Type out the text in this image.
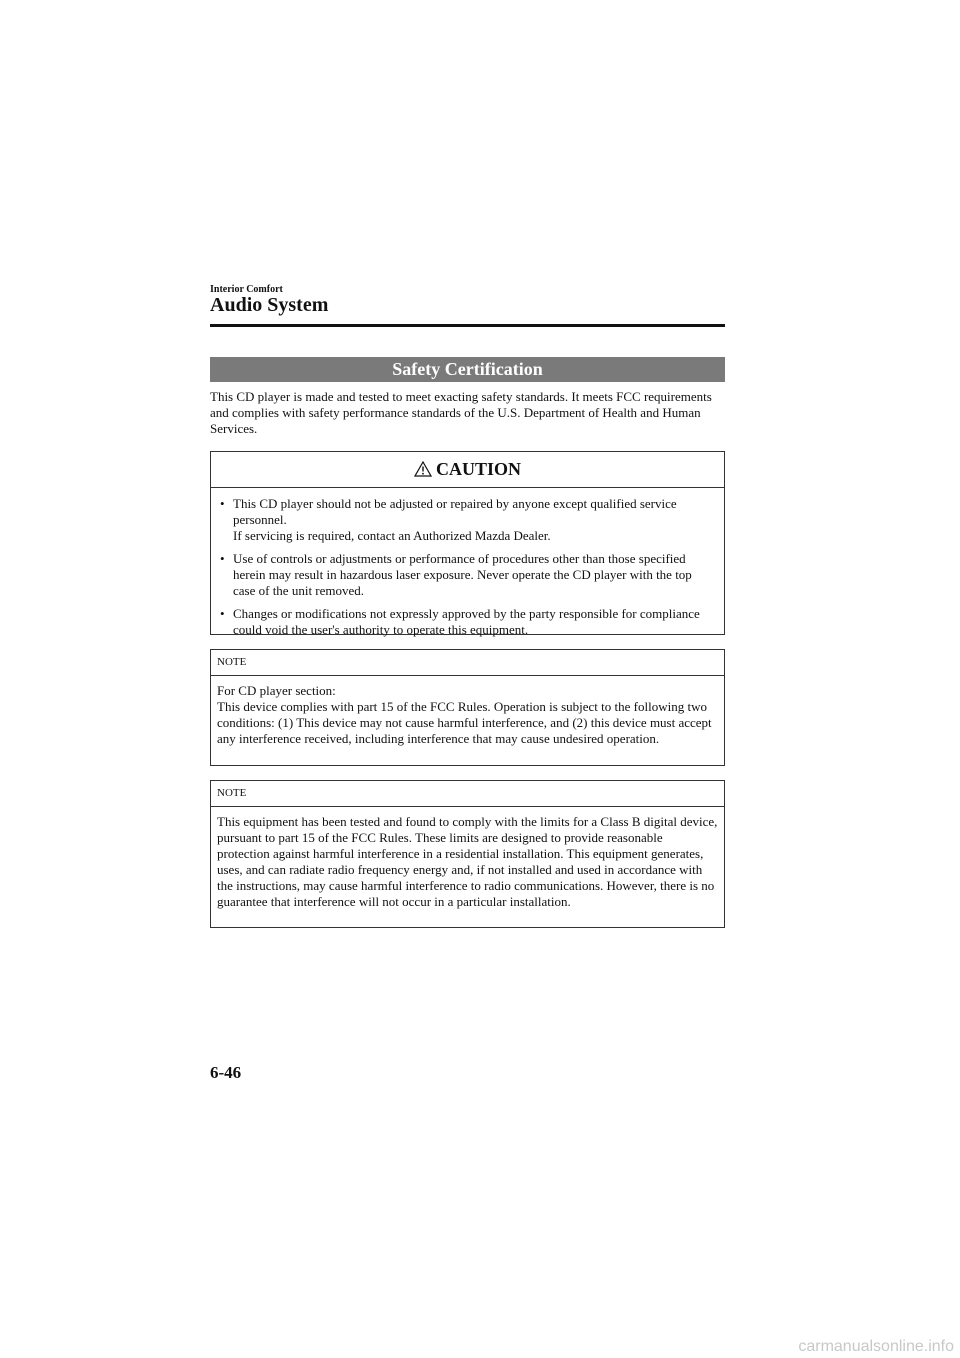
Interior Comfort
Audio System
Safety Certification

This CD player is made and tested to meet exacting safety standards. It meets FCC requirements and complies with safety performance standards of the U.S. Department of Health and Human Services.

CAUTION
• This CD player should not be adjusted or repaired by anyone except qualified service personnel.
If servicing is required, contact an Authorized Mazda Dealer.
• Use of controls or adjustments or performance of procedures other than those specified herein may result in hazardous laser exposure. Never operate the CD player with the top case of the unit removed.
• Changes or modifications not expressly approved by the party responsible for compliance could void the user's authority to operate this equipment.
NOTE
For CD player section:
This device complies with part 15 of the FCC Rules. Operation is subject to the following two conditions: (1) This device may not cause harmful interference, and (2) this device must accept any interference received, including interference that may cause undesired operation.
NOTE
This equipment has been tested and found to comply with the limits for a Class B digital device, pursuant to part 15 of the FCC Rules. These limits are designed to provide reasonable protection against harmful interference in a residential installation. This equipment generates, uses, and can radiate radio frequency energy and, if not installed and used in accordance with the instructions, may cause harmful interference to radio communications. However, there is no guarantee that interference will not occur in a particular installation.
6-46
carmanualsonline.info
